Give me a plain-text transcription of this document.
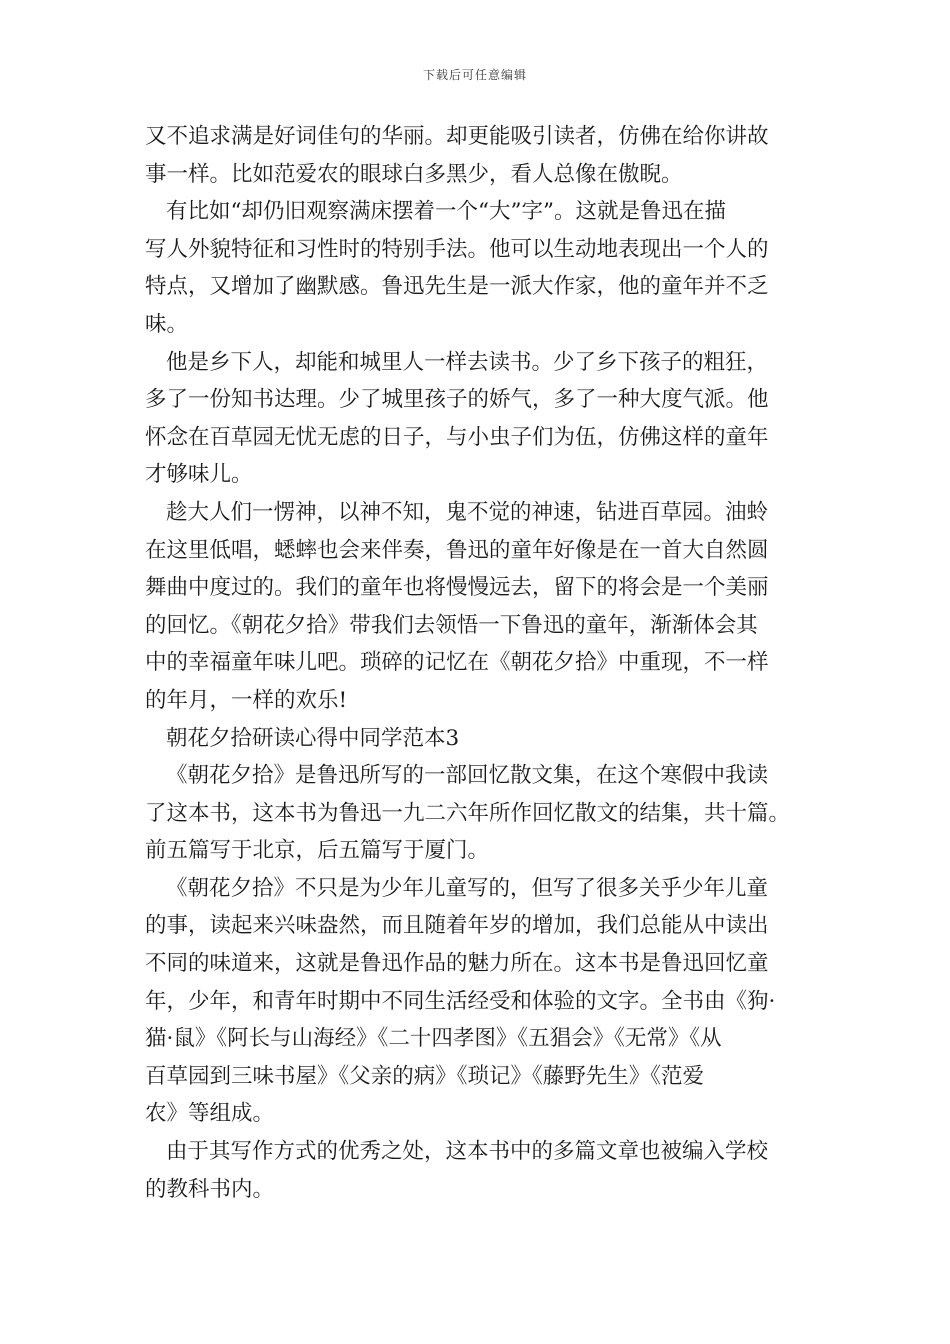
下载后可任意编辑
又不追求满是好词佳句的华丽。却更能吸引读者，仿佛在给你讲故
事一样。比如范爱农的眼球白多黑少，看人总像在傲睨。
有比如“却仍旧观察满床摆着一个“大”字”。这就是鲁迅在描
写人外貌特征和习性时的特别手法。他可以生动地表现出一个人的
特点，又增加了幽默感。鲁迅先生是一派大作家，他的童年并不乏
味。
他是乡下人，却能和城里人一样去读书。少了乡下孩子的粗狂，
多了一份知书达理。少了城里孩子的娇气，多了一种大度气派。他
怀念在百草园无忧无虑的日子，与小虫子们为伍，仿佛这样的童年
才够味儿。
趁大人们一愣神，以神不知，鬼不觉的神速，钻进百草园。油蛉
在这里低唱，蟋蟀也会来伴奏，鲁迅的童年好像是在一首大自然圆
舞曲中度过的。我们的童年也将慢慢远去，留下的将会是一个美丽
的回忆。《朝花夕拾》带我们去领悟一下鲁迅的童年，渐渐体会其
中的幸福童年味儿吧。琐碎的记忆在《朝花夕拾》中重现，不一样
的年月，一样的欢乐!
朝花夕拾研读心得中同学范本3
《朝花夕拾》是鲁迅所写的一部回忆散文集，在这个寒假中我读
了这本书，这本书为鲁迅一九二六年所作回忆散文的结集，共十篇。
前五篇写于北京，后五篇写于厦门。
《朝花夕拾》不只是为少年儿童写的，但写了很多关乎少年儿童
的事，读起来兴味盎然，而且随着年岁的增加，我们总能从中读出
不同的味道来，这就是鲁迅作品的魅力所在。这本书是鲁迅回忆童
年，少年，和青年时期中不同生活经受和体验的文字。全书由《狗·
猫·鼠》《阿长与山海经》《二十四孝图》《五猖会》《无常》《从
百草园到三味书屋》《父亲的病》《琐记》《藤野先生》《范爱
农》等组成。
由于其写作方式的优秀之处，这本书中的多篇文章也被编入学校
的教科书内。
